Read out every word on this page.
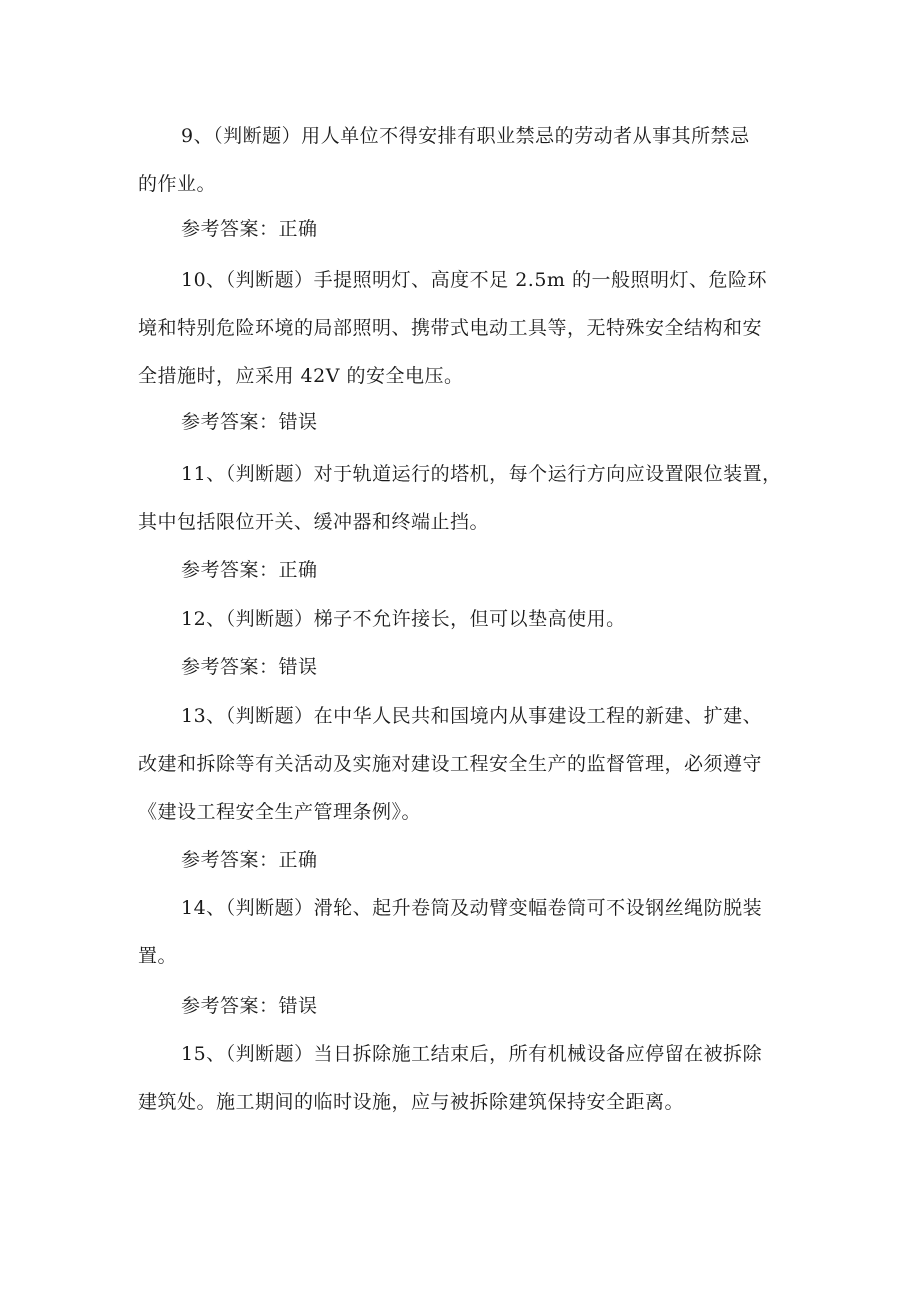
9、（判断题）用人单位不得安排有职业禁忌的劳动者从事其所禁忌
的作业。
参考答案：正确
10、（判断题）手提照明灯、高度不足 2.5m 的一般照明灯、危险环
境和特别危险环境的局部照明、携带式电动工具等，无特殊安全结构和安
全措施时，应采用 42V 的安全电压。
参考答案：错误
11、（判断题）对于轨道运行的塔机，每个运行方向应设置限位装置，
其中包括限位开关、缓冲器和终端止挡。
参考答案：正确
12、（判断题）梯子不允许接长，但可以垫高使用。
参考答案：错误
13、（判断题）在中华人民共和国境内从事建设工程的新建、扩建、
改建和拆除等有关活动及实施对建设工程安全生产的监督管理，必须遵守
《建设工程安全生产管理条例》。
参考答案：正确
14、（判断题）滑轮、起升卷筒及动臂变幅卷筒可不设钢丝绳防脱装
置。
参考答案：错误
15、（判断题）当日拆除施工结束后，所有机械设备应停留在被拆除
建筑处。施工期间的临时设施，应与被拆除建筑保持安全距离。
